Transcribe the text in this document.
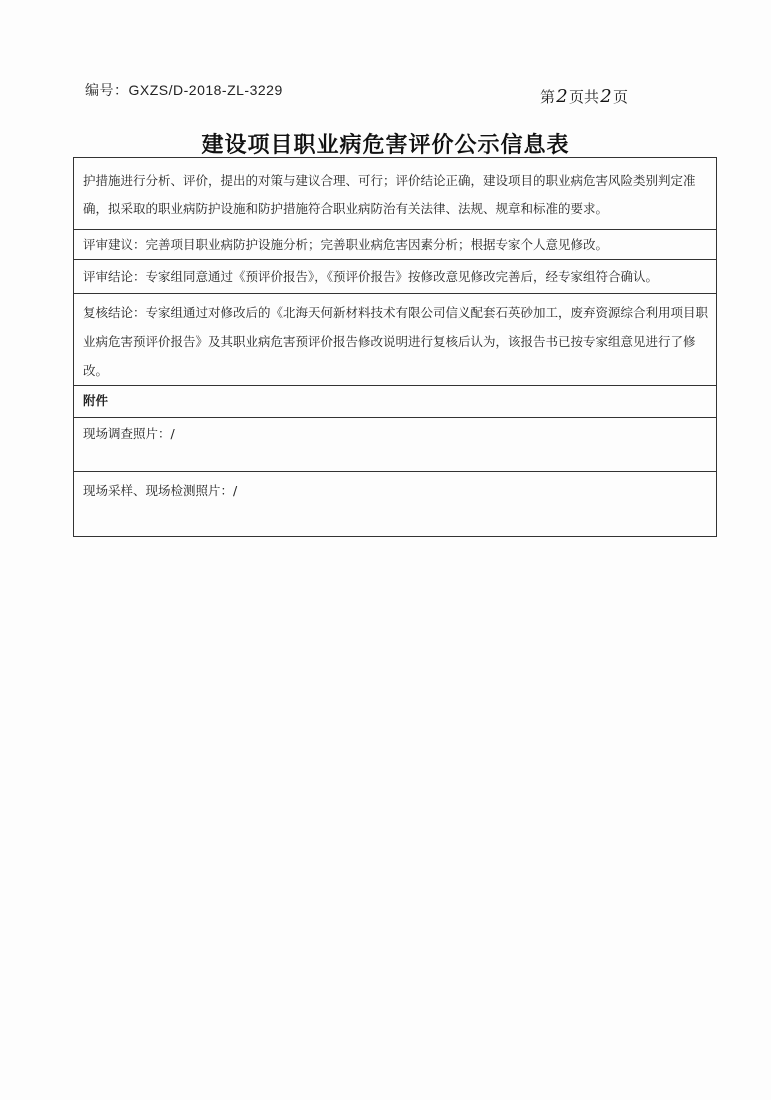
编号：GXZS/D-2018-ZL-3229	第2页共2页
建设项目职业病危害评价公示信息表
护措施进行分析、评价，提出的对策与建议合理、可行；评价结论正确，建设项目的职业病危害风险类别判定准确，拟采取的职业病防护设施和防护措施符合职业病防治有关法律、法规、规章和标准的要求。
评审建议：完善项目职业病防护设施分析；完善职业病危害因素分析；根据专家个人意见修改。
评审结论：专家组同意通过《预评价报告》，《预评价报告》按修改意见修改完善后，经专家组符合确认。
复核结论：专家组通过对修改后的《北海天何新材料技术有限公司信义配套石英砂加工，废弃资源综合利用项目职业病危害预评价报告》及其职业病危害预评价报告修改说明进行复核后认为，该报告书已按专家组意见进行了修改。
附件
现场调查照片：/
现场采样、现场检测照片：/
